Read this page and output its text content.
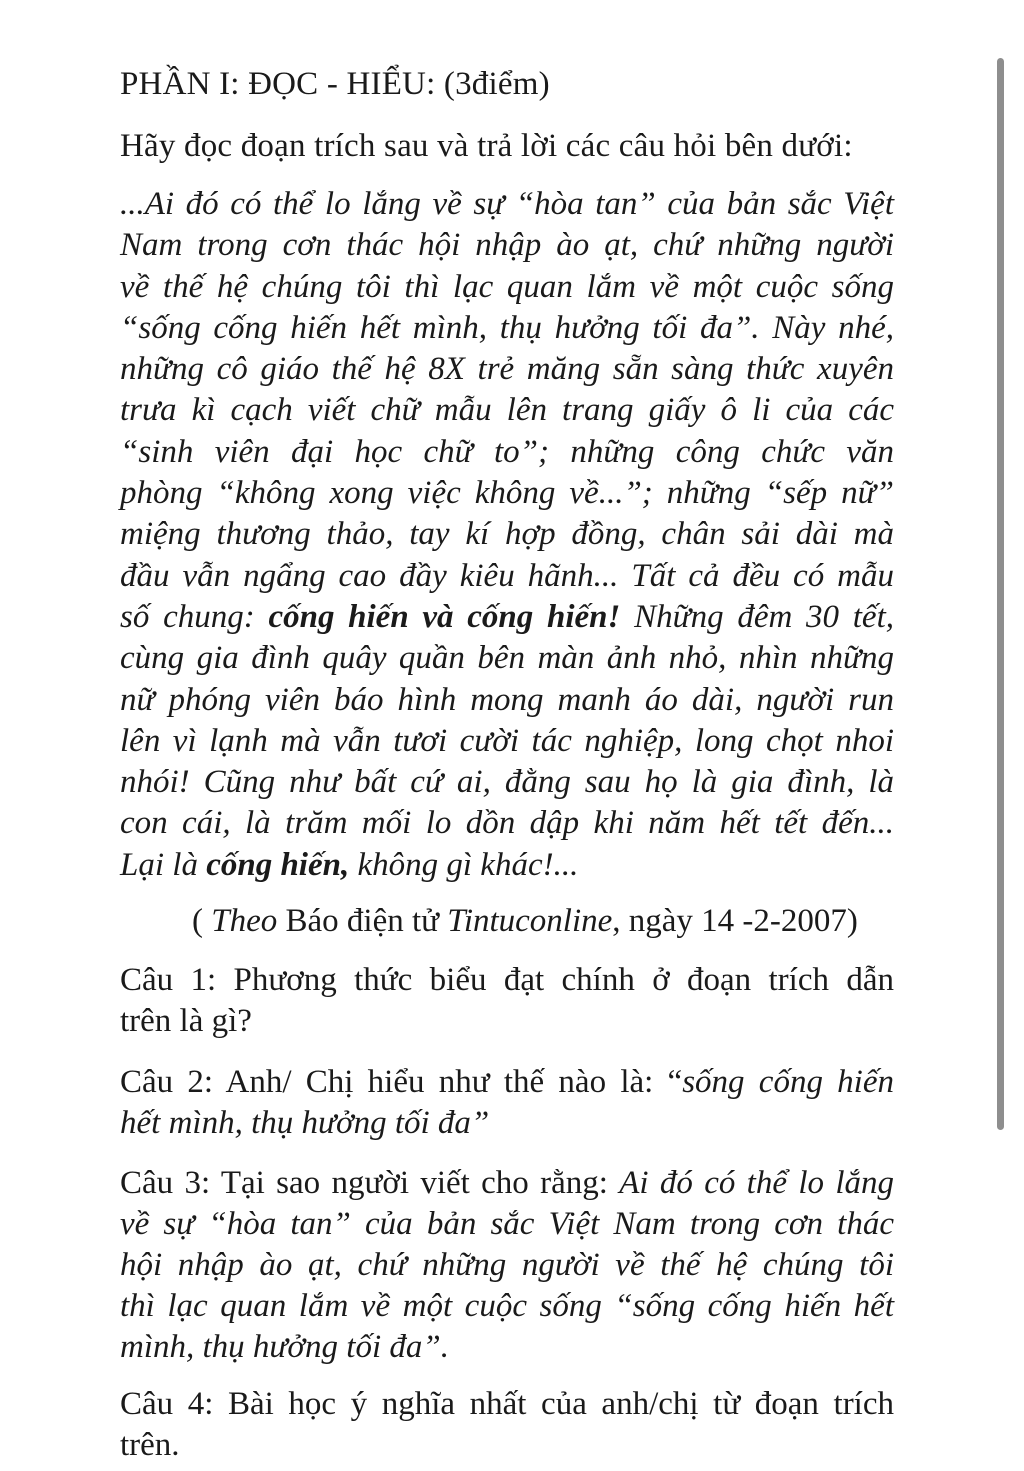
PHẦN I: ĐỌC - HIỂU: (3điểm)
Hãy đọc đoạn trích sau và trả lời các câu hỏi bên dưới:
...Ai đó có thể lo lắng về sự “hòa tan” của bản sắc Việt
Nam trong cơn thác hội nhập ào ạt, chứ những người
về thế hệ chúng tôi thì lạc quan lắm về một cuộc sống
“sống cống hiến hết mình, thụ hưởng tối đa”. Này nhé,
những cô giáo thế hệ 8X trẻ măng sẵn sàng thức xuyên
trưa kì cạch viết chữ mẫu lên trang giấy ô li của các
“sinh viên đại học chữ to”; những công chức văn
phòng “không xong việc không về...”; những “sếp nữ”
miệng thương thảo, tay kí hợp đồng, chân sải dài mà
đầu vẫn ngẩng cao đầy kiêu hãnh... Tất cả đều có mẫu
số chung: cống hiến và cống hiến! Những đêm 30 tết,
cùng gia đình quây quần bên màn ảnh nhỏ, nhìn những
nữ phóng viên báo hình mong manh áo dài, người run
lên vì lạnh mà vẫn tươi cười tác nghiệp, long chọt nhoi
nhói! Cũng như bất cứ ai, đằng sau họ là gia đình, là
con cái, là trăm mối lo dồn dập khi năm hết tết đến...
Lại là cống hiến, không gì khác!...
( Theo Báo điện tử Tintuconline, ngày 14 -2-2007)
Câu 1: Phương thức biểu đạt chính ở đoạn trích dẫn
trên là gì?
Câu 2: Anh/ Chị hiểu như thế nào là: “sống cống hiến
hết mình, thụ hưởng tối đa”
Câu 3: Tại sao người viết cho rằng: Ai đó có thể lo lắng
về sự “hòa tan” của bản sắc Việt Nam trong cơn thác
hội nhập ào ạt, chứ những người về thế hệ chúng tôi
thì lạc quan lắm về một cuộc sống “sống cống hiến hết
mình, thụ hưởng tối đa”.
Câu 4: Bài học ý nghĩa nhất của anh/chị từ đoạn trích
trên.
